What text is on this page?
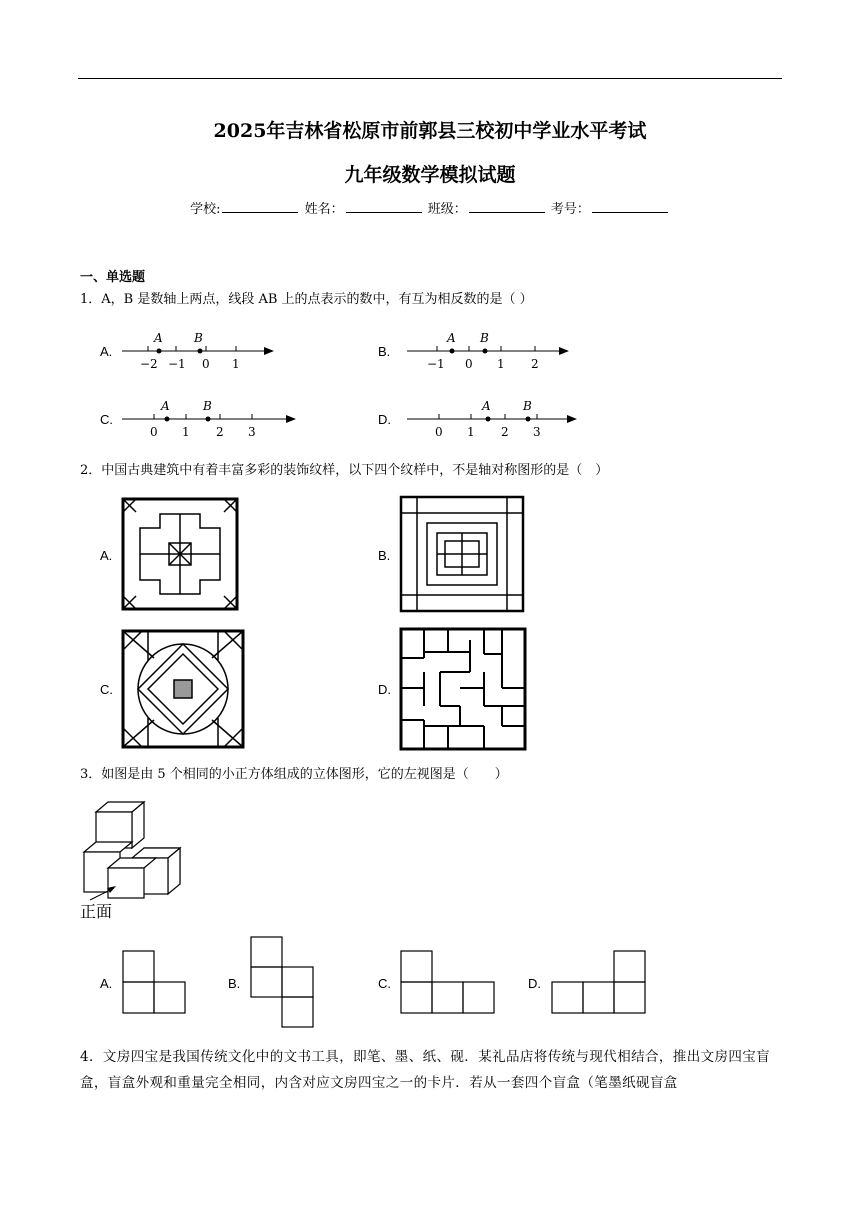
2025年吉林省松原市前郭县三校初中学业水平考试
九年级数学模拟试题
学校:	姓名：	班级：	考号：
一、单选题
1．A，B 是数轴上两点，线段 AB 上的点表示的数中，有互为相反数的是（ ）
A.
A	B
−2 −1 0 1
B.
A B
−1 0 1 2
C.
A	B
0 1 2 3
D.
A	B
0 1 2 3
2．中国古典建筑中有着丰富多彩的装饰纹样，以下四个纹样中，不是轴对称图形的是（　）
A.	B.
C.	D.
3．如图是由 5 个相同的小正方体组成的立体图形，它的左视图是（　　）
正面
A.	B.	C.	D.
4．文房四宝是我国传统文化中的文书工具，即笔、墨、纸、砚．某礼品店将传统与现代相结合，推出文房四宝盲盒，盲盒外观和重量完全相同，内含对应文房四宝之一的卡片．若从一套四个盲盒（笔墨纸砚盲盒
